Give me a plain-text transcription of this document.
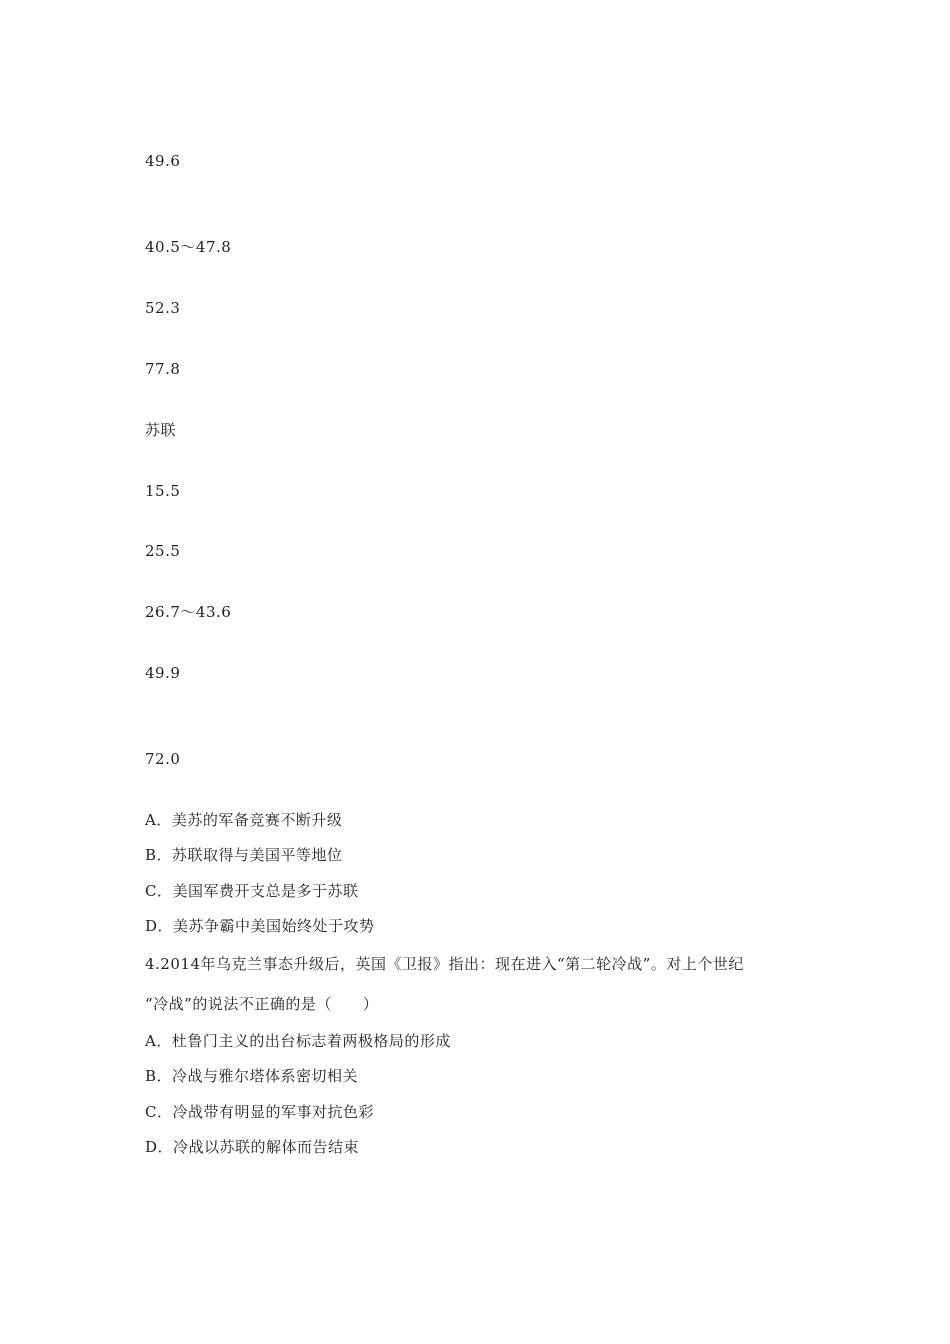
49.6
40.5～47.8
52.3
77.8
苏联
15.5
25.5
26.7～43.6
49.9
72.0
A．美苏的军备竞赛不断升级
B．苏联取得与美国平等地位
C．美国军费开支总是多于苏联
D．美苏争霸中美国始终处于攻势
4.2014年乌克兰事态升级后，英国《卫报》指出：现在进入“第二轮冷战”。对上个世纪
“冷战”的说法不正确的是（　　）
A．杜鲁门主义的出台标志着两极格局的形成
B．冷战与雅尔塔体系密切相关
C．冷战带有明显的军事对抗色彩
D．冷战以苏联的解体而告结束
